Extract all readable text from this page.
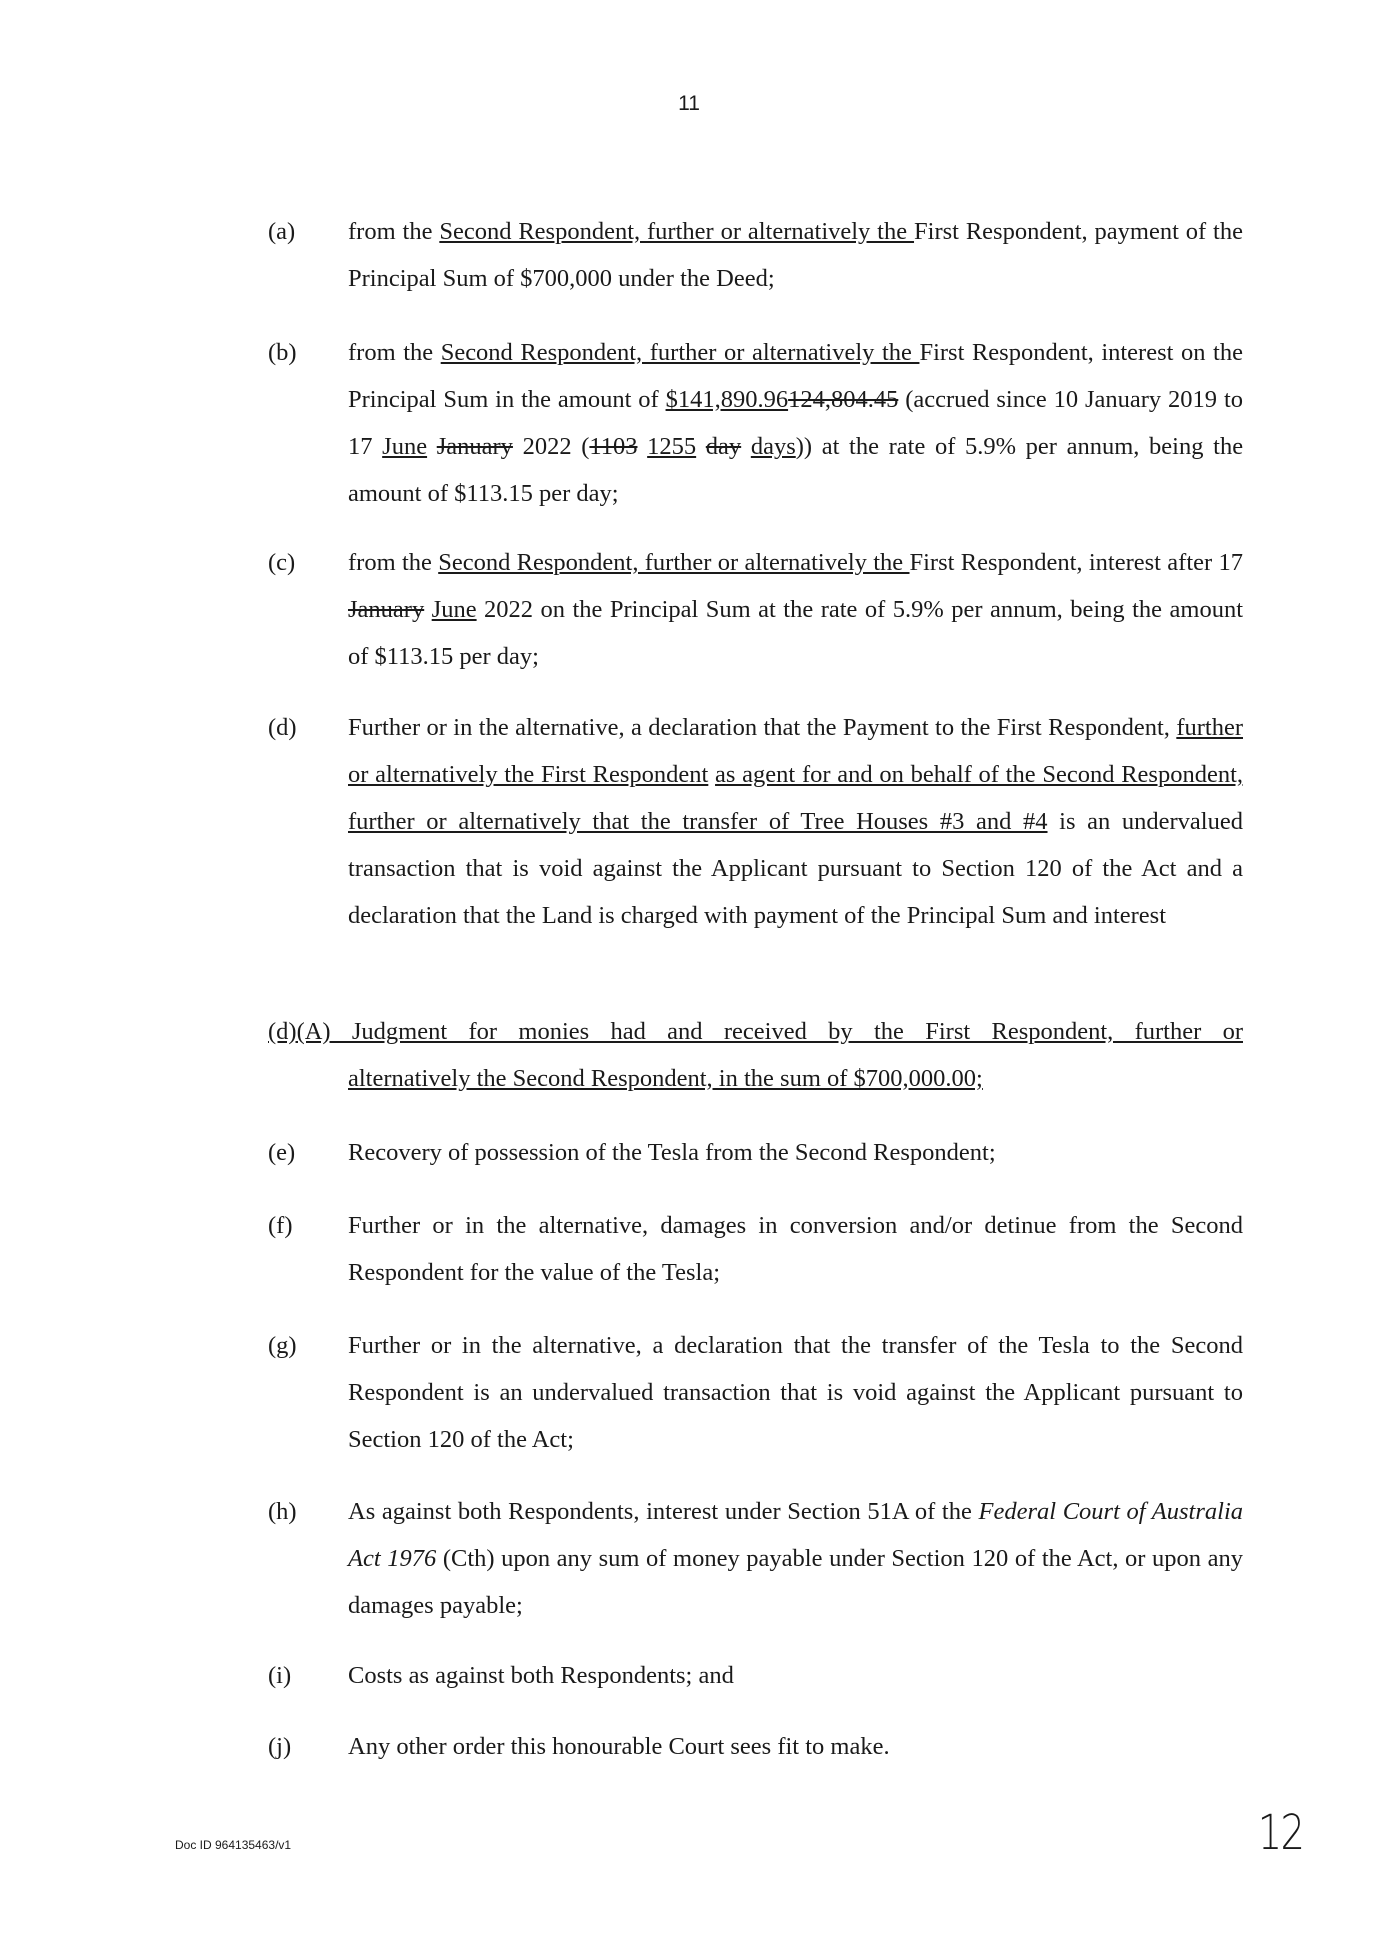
11
(a) from the Second Respondent, further or alternatively the First Respondent, payment of the Principal Sum of $700,000 under the Deed;
(b) from the Second Respondent, further or alternatively the First Respondent, interest on the Principal Sum in the amount of $141,890.96124,804.45 (accrued since 10 January 2019 to 17 June January 2022 (1103 1255 day days)) at the rate of 5.9% per annum, being the amount of $113.15 per day;
(c) from the Second Respondent, further or alternatively the First Respondent, interest after 17 January June 2022 on the Principal Sum at the rate of 5.9% per annum, being the amount of $113.15 per day;
(d) Further or in the alternative, a declaration that the Payment to the First Respondent, further or alternatively the First Respondent as agent for and on behalf of the Second Respondent, further or alternatively that the transfer of Tree Houses #3 and #4 is an undervalued transaction that is void against the Applicant pursuant to Section 120 of the Act and a declaration that the Land is charged with payment of the Principal Sum and interest
(d)(A) Judgment for monies had and received by the First Respondent, further or
alternatively the Second Respondent, in the sum of $700,000.00;
(e) Recovery of possession of the Tesla from the Second Respondent;
(f) Further or in the alternative, damages in conversion and/or detinue from the Second Respondent for the value of the Tesla;
(g) Further or in the alternative, a declaration that the transfer of the Tesla to the Second Respondent is an undervalued transaction that is void against the Applicant pursuant to Section 120 of the Act;
(h) As against both Respondents, interest under Section 51A of the Federal Court of Australia Act 1976 (Cth) upon any sum of money payable under Section 120 of the Act, or upon any damages payable;
(i) Costs as against both Respondents; and
(j) Any other order this honourable Court sees fit to make.
Doc ID 964135463/v1	12
